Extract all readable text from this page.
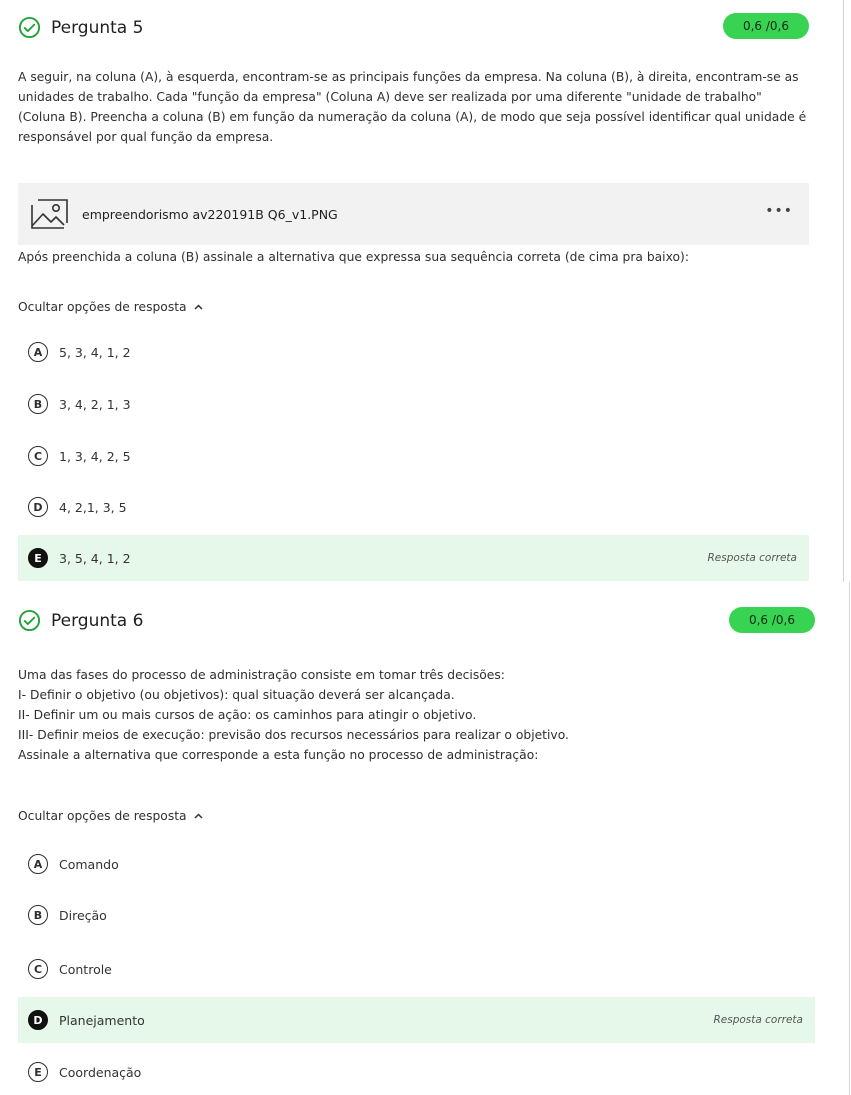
Pergunta 5	0,6 /0,6

A seguir, na coluna (A), à esquerda, encontram-se as principais funções da empresa. Na coluna (B), à direita, encontram-se as unidades de trabalho. Cada "função da empresa" (Coluna A) deve ser realizada por uma diferente "unidade de trabalho" (Coluna B). Preencha a coluna (B) em função da numeração da coluna (A), de modo que seja possível identificar qual unidade é responsável por qual função da empresa.

empreendorismo av220191B Q6_v1.PNG	•••
Após preenchida a coluna (B) assinale a alternativa que expressa sua sequência correta (de cima pra baixo):
Ocultar opções de resposta
A	5, 3, 4, 1, 2
B	3, 4, 2, 1, 3
C	1, 3, 4, 2, 5
D	4, 2,1, 3, 5
E	3, 5, 4, 1, 2	Resposta correta
Pergunta 6	0,6 /0,6

Uma das fases do processo de administração consiste em tomar três decisões:

I- Definir o objetivo (ou objetivos): qual situação deverá ser alcançada.

II- Definir um ou mais cursos de ação: os caminhos para atingir o objetivo.

III- Definir meios de execução: previsão dos recursos necessários para realizar o objetivo.

Assinale a alternativa que corresponde a esta função no processo de administração:

Ocultar opções de resposta
A	Comando
B	Direção
C	Controle
D	Planejamento	Resposta correta
E	Coordenação
